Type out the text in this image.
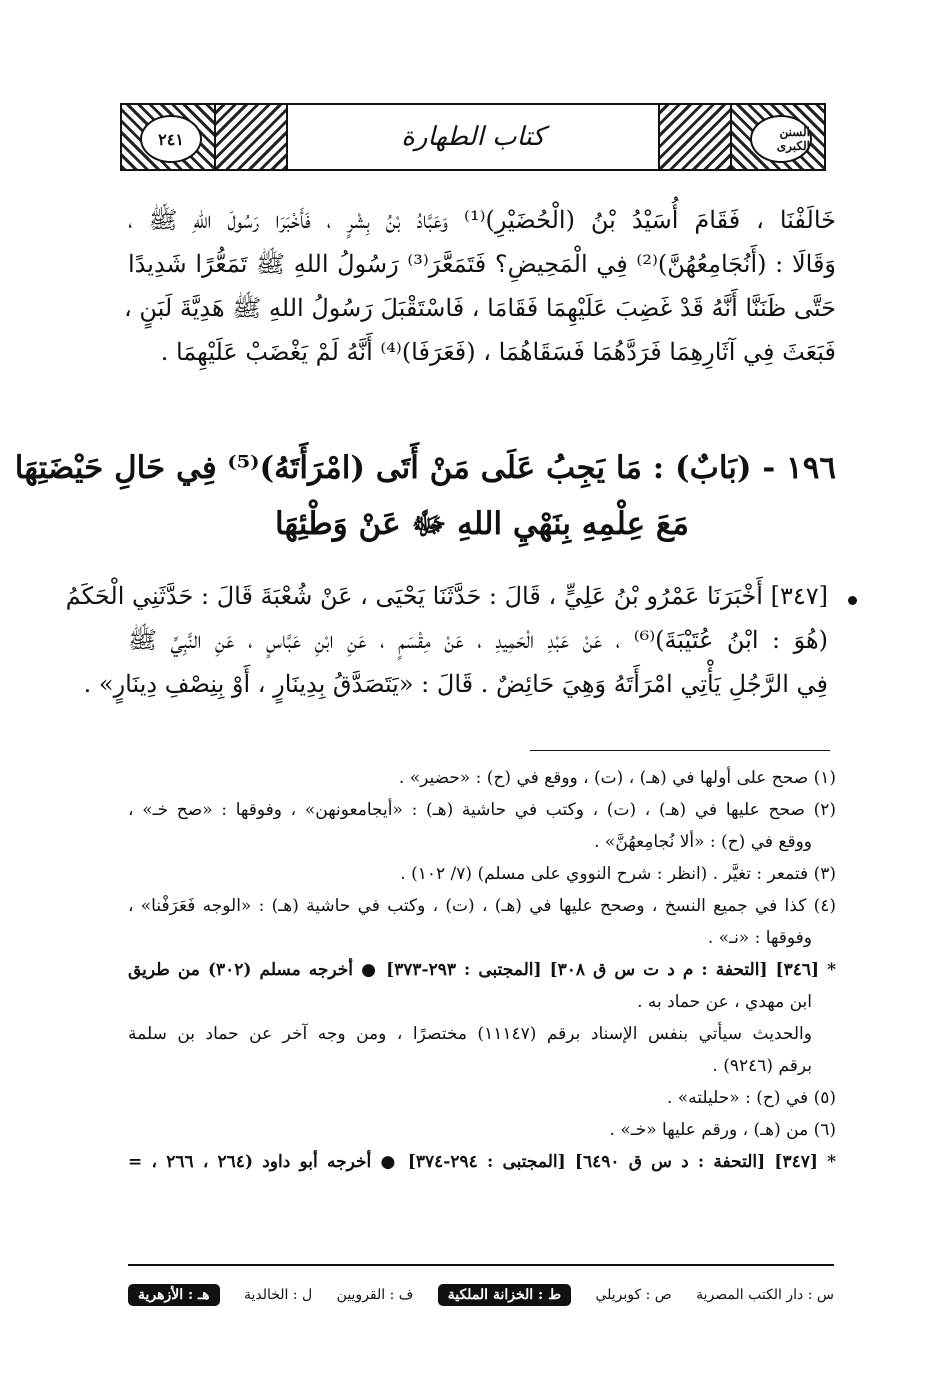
٢٤١	كتاب الطهارة	السنن الكبرى
خَالَفْنَا ، فَقَامَ أُسَيْدُ بْنُ (الْحُضَيْرِ)⁽¹⁾ وَعَبَّادُ بْنُ بِشْرٍ ، فَأَخْبَرَا رَسُولَ اللهِ ﷺ ،
وَقَالَا : (أَنُجَامِعُهُنَّ)⁽²⁾ فِي الْمَحِيضِ؟ فَتَمَعَّرَ⁽³⁾ رَسُولُ اللهِ ﷺ تَمَعُّرًا شَدِيدًا
حَتَّى ظَنَنَّا أَنَّهُ قَدْ غَضِبَ عَلَيْهِمَا فَقَامَا ، فَاسْتَقْبَلَ رَسُولُ اللهِ ﷺ هَدِيَّةَ لَبَنٍ ،
فَبَعَثَ فِي آثَارِهِمَا فَرَدَّهُمَا فَسَقَاهُمَا ، (فَعَرَفَا)⁽⁴⁾ أَنَّهُ لَمْ يَغْضَبْ عَلَيْهِمَا .
١٩٦ - (بَابٌ) : مَا يَجِبُ عَلَى مَنْ أَتَى (امْرَأَتَهُ)⁽⁵⁾ فِي حَالِ حَيْضَتِهَا
مَعَ عِلْمِهِ بِنَهْيِ اللهِ ﷻ عَنْ وَطْئِهَا
[٣٤٧] أَخْبَرَنَا عَمْرُو بْنُ عَلِيٍّ ، قَالَ : حَدَّثَنَا يَحْيَى ، عَنْ شُعْبَةَ قَالَ : حَدَّثَنِي الْحَكَمُ
(هُوَ : ابْنُ عُتَيْبَةَ)⁽⁶⁾ ، عَنْ عَبْدِ الْحَمِيدِ ، عَنْ مِقْسَمٍ ، عَنِ ابْنِ عَبَّاسٍ ، عَنِ النَّبِيِّ ﷺ
فِي الرَّجُلِ يَأْتِي امْرَأَتَهُ وَهِيَ حَائِضٌ . قَالَ : «يَتَصَدَّقُ بِدِينَارٍ ، أَوْ بِنِصْفِ دِينَارٍ» .
(١) صحح على أولها في (هـ) ، (ت) ، ووقع في (ح) : «حضير» .
(٢) صحح عليها في (هـ) ، (ت) ، وكتب في حاشية (هـ) : «أيجامعونهن» ، وفوقها : «صح خـ» ،
ووقع في (ح) : «ألا نُجامِعهُنَّ» .
(٣) فتمعر : تغيَّر . (انظر : شرح النووي على مسلم) (٧/ ١٠٢) .
(٤) كذا في جميع النسخ ، وصحح عليها في (هـ) ، (ت) ، وكتب في حاشية (هـ) : «الوجه فَعَرَفْنا» ،
وفوقها : «نـ» .
* [٣٤٦] [التحفة : م د ت س ق ٣٠٨] [المجتبى : ٢٩٣-٣٧٣] ● أخرجه مسلم (٣٠٢) من طريق
ابن مهدي ، عن حماد به .
والحديث سيأتي بنفس الإسناد برقم (١١١٤٧) مختصرًا ، ومن وجه آخر عن حماد بن سلمة
برقم (٩٢٤٦) .
(٥) في (ح) : «حليلته» .
(٦) من (هـ) ، ورقم عليها «خـ» .
* [٣٤٧] [التحفة : د س ق ٦٤٩٠] [المجتبى : ٢٩٤-٣٧٤] ● أخرجه أبو داود (٢٦٤ ، ٢٦٦ ، =
س : دار الكتب المصرية
ص : كوبريلي
ط : الخزانة الملكية
ف : القرويين
ل : الخالدية
هـ : الأزهرية
